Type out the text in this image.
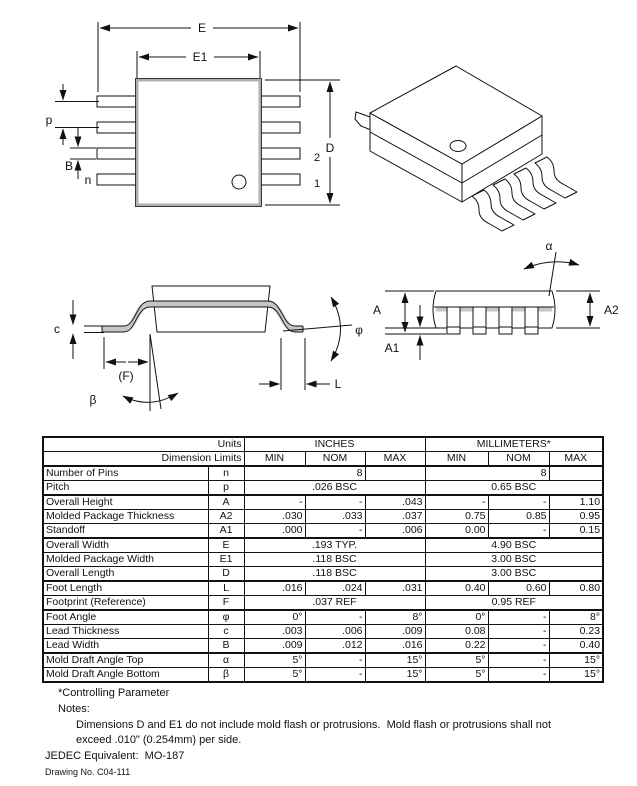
E
E1
D
p
B
n
2
1
c
(F)
β
L
φ
α
A
A1
A2
Units		INCHES			MILLIMETERS*		
Dimension Limits		MIN	NOM	MAX	MIN	NOM	MAX
Number of Pins	n	8			8		
Pitch	p	.026 BSC			0.65 BSC		
Overall Height	A	-	-	.043	-	-	1.10
Molded Package Thickness	A2	.030	.033	.037	0.75	0.85	0.95
Standoff	A1	.000	-	.006	0.00	-	0.15
Overall Width	E	.193 TYP.			4.90 BSC		
Molded Package Width	E1	.118 BSC			3.00 BSC		
Overall Length	D	.118 BSC			3.00 BSC		
Foot Length	L	.016	.024	.031	0.40	0.60	0.80
Footprint (Reference)	F	.037 REF			0.95 REF		
Foot Angle	φ	0°	-	8°	0°	-	8°
Lead Thickness	c	.003	.006	.009	0.08	-	0.23
Lead Width	B	.009	.012	.016	0.22	-	0.40
Mold Draft Angle Top	α	5°	-	15°	5°	-	15°
Mold Draft Angle Bottom	β	5°	-	15°	5°	-	15°
*Controlling Parameter
Notes:
Dimensions D and E1 do not include mold flash or protrusions.  Mold flash or protrusions shall not
exceed .010" (0.254mm) per side.
JEDEC Equivalent:  MO-187
Drawing No. C04-111
